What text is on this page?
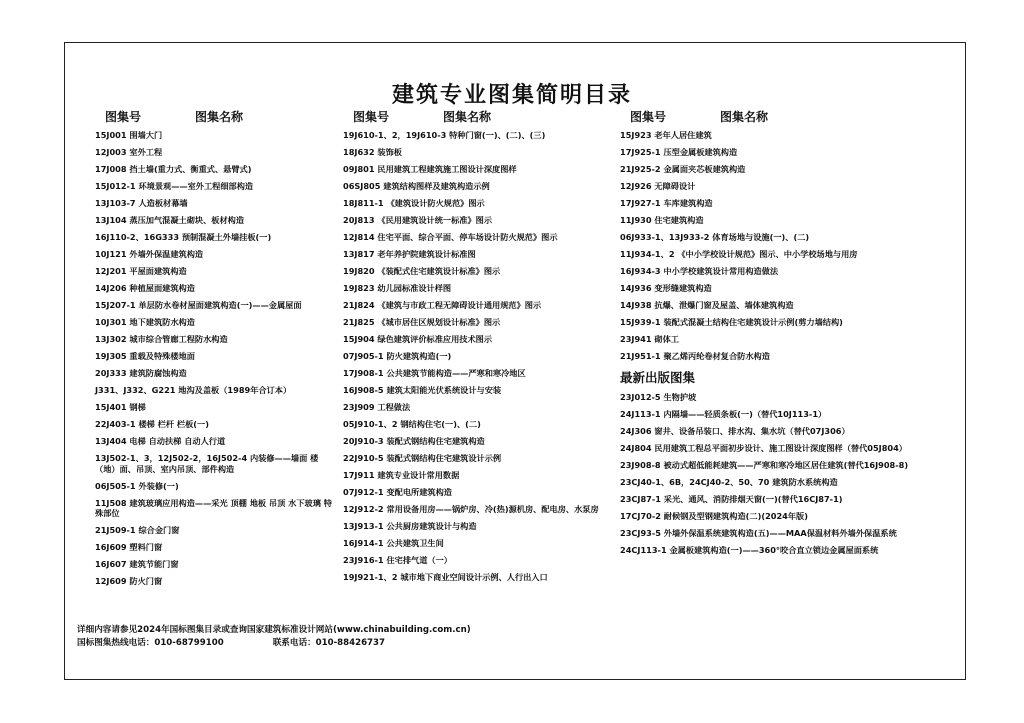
建筑专业图集简明目录
图集号	图集名称
15J001 围墙大门
12J003 室外工程
17J008 挡土墙(重力式、衡重式、悬臂式)
15J012-1 环境景观——室外工程细部构造
13J103-7 人造板材幕墙
13J104 蒸压加气混凝土砌块、板材构造
16J110-2、16G333 预制混凝土外墙挂板(一)
10J121 外墙外保温建筑构造
12J201 平屋面建筑构造
14J206 种植屋面建筑构造
15J207-1 单层防水卷材屋面建筑构造(一)——金属屋面
10J301 地下建筑防水构造
13J302 城市综合管廊工程防水构造
19J305 重载及特殊楼地面
20J333 建筑防腐蚀构造
J331、J332、G221 地沟及盖板（1989年合订本）
15J401 钢梯
22J403-1 楼梯 栏杆 栏板(一)
13J404 电梯 自动扶梯 自动人行道
13J502-1、3，12J502-2，16J502-4 内装修——墙面 楼（地）面、吊顶、室内吊顶、部件构造
06J505-1 外装修(一)
11J508 建筑玻璃应用构造——采光 顶棚 地板 吊顶 水下玻璃 特殊部位
21J509-1 综合金门窗
16J609 塑料门窗
16J607 建筑节能门窗
12J609 防火门窗
图集号	图集名称
19J610-1、2，19J610-3 特种门窗(一)、(二)、(三)
18J632 装饰板
09J801 民用建筑工程建筑施工图设计深度图样
06SJ805 建筑结构图样及建筑构造示例
18J811-1 《建筑设计防火规范》图示
20J813 《民用建筑设计统一标准》图示
12J814 住宅平面、综合平面、停车场设计防火规范》图示
13J817 老年养护院建筑设计标准图
19J820 《装配式住宅建筑设计标准》图示
19J823 幼儿园标准设计样图
21J824 《建筑与市政工程无障碍设计通用规范》图示
21J825 《城市居住区规划设计标准》图示
15J904 绿色建筑评价标准应用技术图示
07J905-1 防火建筑构造(一)
17J908-1 公共建筑节能构造——严寒和寒冷地区
16J908-5 建筑太阳能光伏系统设计与安装
23J909 工程做法
05J910-1、2 钢结构住宅(一)、(二)
20J910-3 装配式钢结构住宅建筑构造
22J910-5 装配式钢结构住宅建筑设计示例
17J911 建筑专业设计常用数据
07J912-1 变配电所建筑构造
12J912-2 常用设备用房——锅炉房、冷(热)源机房、配电房、水泵房
13J913-1 公共厨房建筑设计与构造
16J914-1 公共建筑卫生间
23J916-1 住宅排气道（一）
19J921-1、2 城市地下商业空间设计示例、人行出入口
图集号	图集名称
15J923 老年人居住建筑
17J925-1 压型金属板建筑构造
21J925-2 金属面夹芯板建筑构造
12J926 无障碍设计
17J927-1 车库建筑构造
11J930 住宅建筑构造
06J933-1、13J933-2 体育场地与设施(一)、(二)
11J934-1、2 《中小学校设计规范》图示、中小学校场地与用房
16J934-3 中小学校建筑设计常用构造做法
14J936 变形缝建筑构造
14J938 抗爆、泄爆门窗及屋盖、墙体建筑构造
15J939-1 装配式混凝土结构住宅建筑设计示例(剪力墙结构)
23J941 砌体工
21J951-1 聚乙烯丙纶卷材复合防水构造
最新出版图集
23J012-5 生物护坡
24J113-1 内隔墙——轻质条板(一)（替代10J113-1）
24J306 窗井、设备吊装口、排水沟、集水坑（替代07J306）
24J804 民用建筑工程总平面初步设计、施工图设计深度图样（替代05J804）
23J908-8 被动式超低能耗建筑——严寒和寒冷地区居住建筑(替代16J908-8)
23CJ40-1、6B，24CJ40-2、50、70 建筑防水系统构造
23CJ87-1 采光、通风、消防排烟天窗(一)(替代16CJ87-1)
17CJ70-2 耐候钢及型钢建筑构造(二)(2024年版)
23CJ93-5 外墙外保温系统建筑构造(五)——MAA保温材料外墙外保温系统
24CJ113-1 金属板建筑构造(一)——360°咬合直立锁边金属屋面系统
详细内容请参见2024年国标图集目录或查询国家建筑标准设计网站(www.chinabuilding.com.cn)
国标图集热线电话：010-68799100	联系电话：010-88426737
